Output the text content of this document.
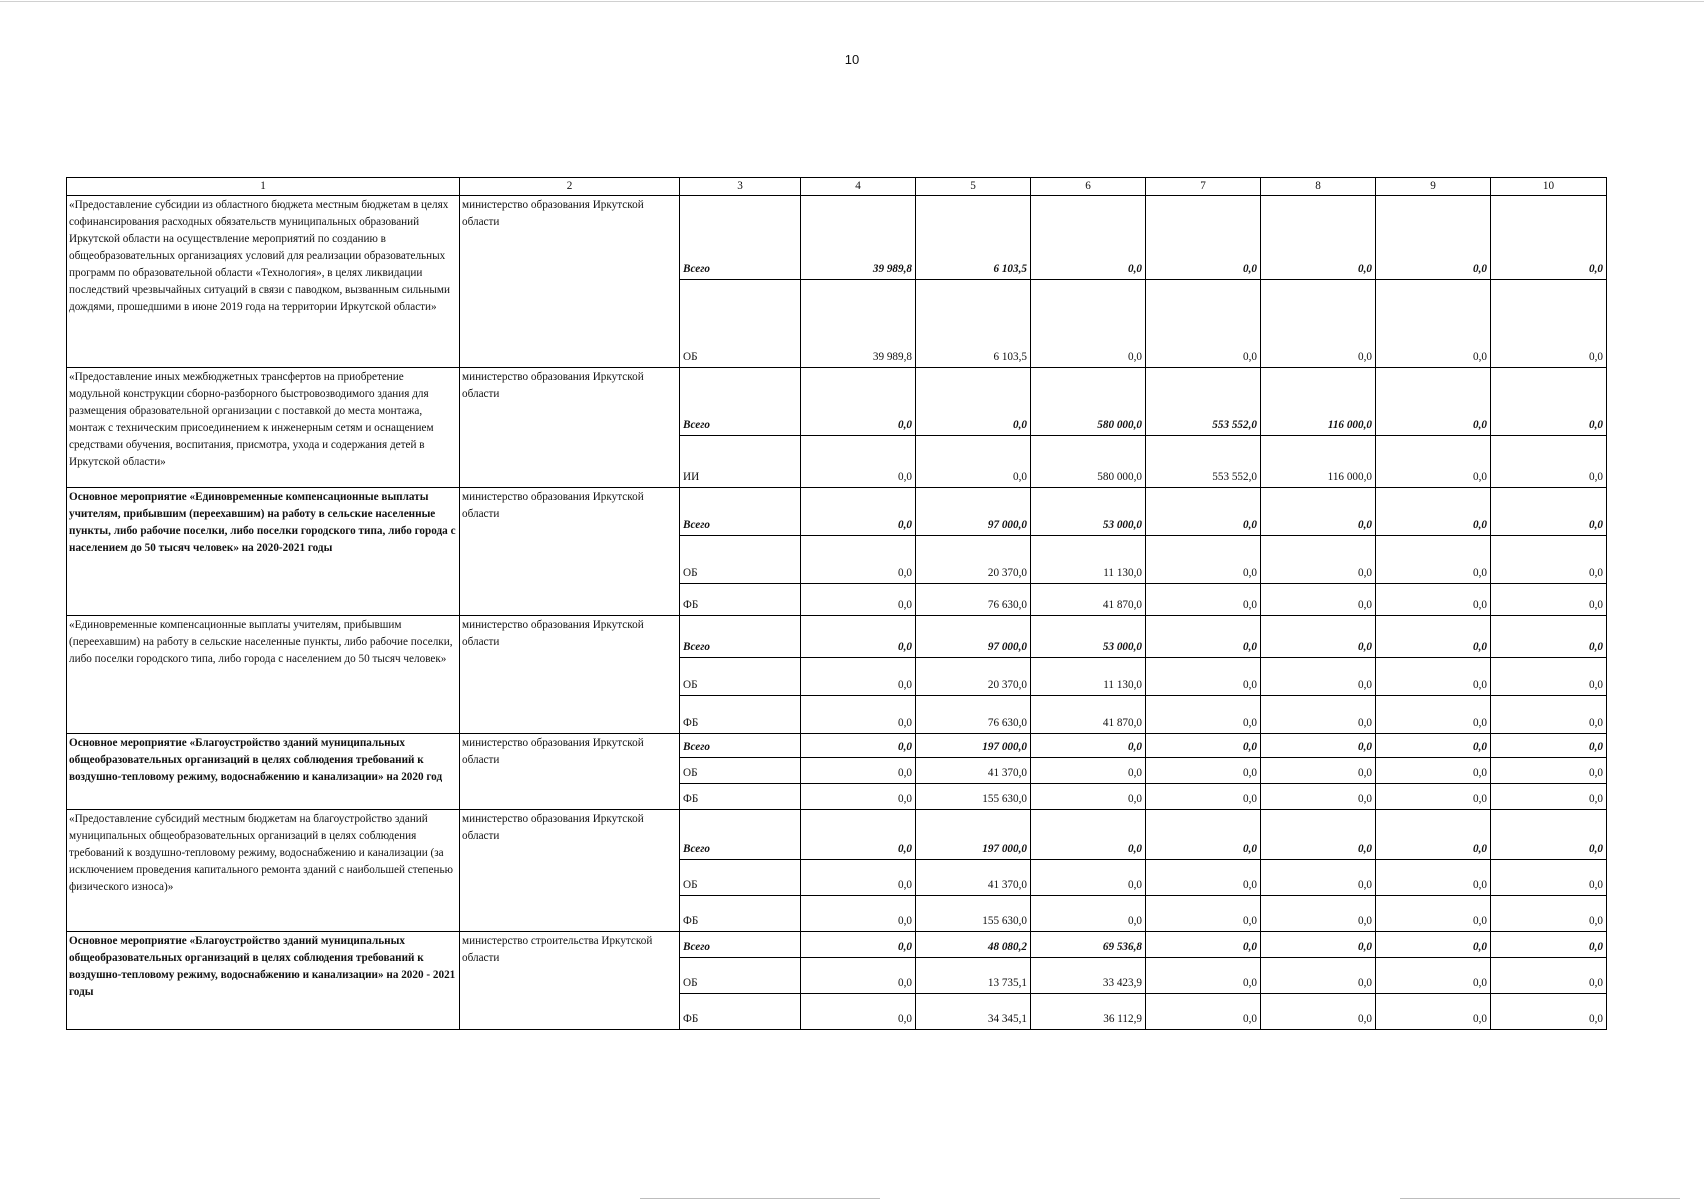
10
1	2	3	4	5	6	7	8	9	10
«Предоставление субсидии из областного бюджета местным бюджетам в целях софинансирования расходных обязательств муниципальных образований Иркутской области на осуществление мероприятий по созданию в общеобразовательных организациях условий для реализации образовательных программ по образовательной области «Технология», в целях ликвидации последствий чрезвычайных ситуаций в связи с паводком, вызванным сильными дождями, прошедшими в июне 2019 года на территории Иркутской области»	министерство образования Иркутской области	Всего	39 989,8	6 103,5	0,0	0,0	0,0	0,0	0,0
		ОБ	39 989,8	6 103,5	0,0	0,0	0,0	0,0	0,0
«Предоставление иных межбюджетных трансфертов на приобретение модульной конструкции сборно-разборного быстровозводимого здания для размещения образовательной организации с поставкой до места монтажа, монтаж с техническим присоединением к инженерным сетям и оснащением средствами обучения, воспитания, присмотра, ухода и содержания детей в Иркутской области»	министерство образования Иркутской области	Всего	0,0	0,0	580 000,0	553 552,0	116 000,0	0,0	0,0
		ИИ	0,0	0,0	580 000,0	553 552,0	116 000,0	0,0	0,0
Основное мероприятие «Единовременные компенсационные выплаты учителям, прибывшим (переехавшим) на работу в сельские населенные пункты, либо рабочие поселки, либо поселки городского типа, либо города с населением до 50 тысяч человек» на 2020-2021 годы	министерство образования Иркутской области	Всего	0,0	97 000,0	53 000,0	0,0	0,0	0,0	0,0
		ОБ	0,0	20 370,0	11 130,0	0,0	0,0	0,0	0,0
		ФБ	0,0	76 630,0	41 870,0	0,0	0,0	0,0	0,0
«Единовременные компенсационные выплаты учителям, прибывшим (переехавшим) на работу в сельские населенные пункты, либо рабочие поселки, либо поселки городского типа, либо города с населением до 50 тысяч человек»	министерство образования Иркутской области	Всего	0,0	97 000,0	53 000,0	0,0	0,0	0,0	0,0
		ОБ	0,0	20 370,0	11 130,0	0,0	0,0	0,0	0,0
		ФБ	0,0	76 630,0	41 870,0	0,0	0,0	0,0	0,0
Основное мероприятие «Благоустройство зданий муниципальных общеобразовательных организаций в целях соблюдения требований к воздушно-тепловому режиму, водоснабжению и канализации» на 2020 год	министерство образования Иркутской области	Всего	0,0	197 000,0	0,0	0,0	0,0	0,0	0,0
		ОБ	0,0	41 370,0	0,0	0,0	0,0	0,0	0,0
		ФБ	0,0	155 630,0	0,0	0,0	0,0	0,0	0,0
«Предоставление субсидий местным бюджетам на благоустройство зданий муниципальных общеобразовательных организаций в целях соблюдения требований к воздушно-тепловому режиму, водоснабжению и канализации (за исключением проведения капитального ремонта зданий с наибольшей степенью физического износа)»	министерство образования Иркутской области	Всего	0,0	197 000,0	0,0	0,0	0,0	0,0	0,0
		ОБ	0,0	41 370,0	0,0	0,0	0,0	0,0	0,0
		ФБ	0,0	155 630,0	0,0	0,0	0,0	0,0	0,0
Основное мероприятие «Благоустройство зданий муниципальных общеобразовательных организаций в целях соблюдения требований к воздушно-тепловому режиму, водоснабжению и канализации» на 2020 - 2021 годы	министерство строительства Иркутской области	Всего	0,0	48 080,2	69 536,8	0,0	0,0	0,0	0,0
		ОБ	0,0	13 735,1	33 423,9	0,0	0,0	0,0	0,0
		ФБ	0,0	34 345,1	36 112,9	0,0	0,0	0,0	0,0
